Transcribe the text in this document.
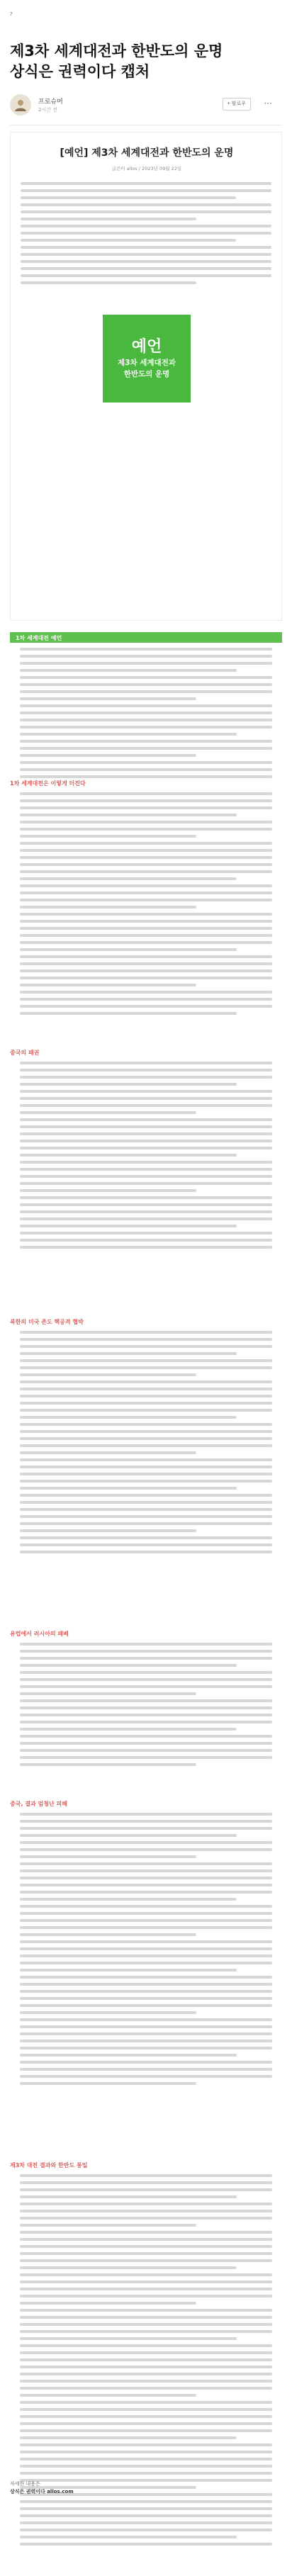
?
제3차 세계대전과 한반도의 운명
상식은 권력이다 캡처
프로슈머
2시간 전
+ 팔로우	···
[예언] 제3차 세계대전과 한반도의 운명
글쓴이 allos / 2023년 09월 22일
예언
제3차 세계대전과
한반도의 운명
1차 세계대전 예언
1차 세계대전은 이렇게 터진다
중국의 패권
북한의 미국 존도 핵공격 협박
유럽에서 러시아의 패배
중국, 결과 엄청난 피해
제3차 대전 결과와 한반도 통일
자세한 내용은
상식은 권력이다 allos.com
